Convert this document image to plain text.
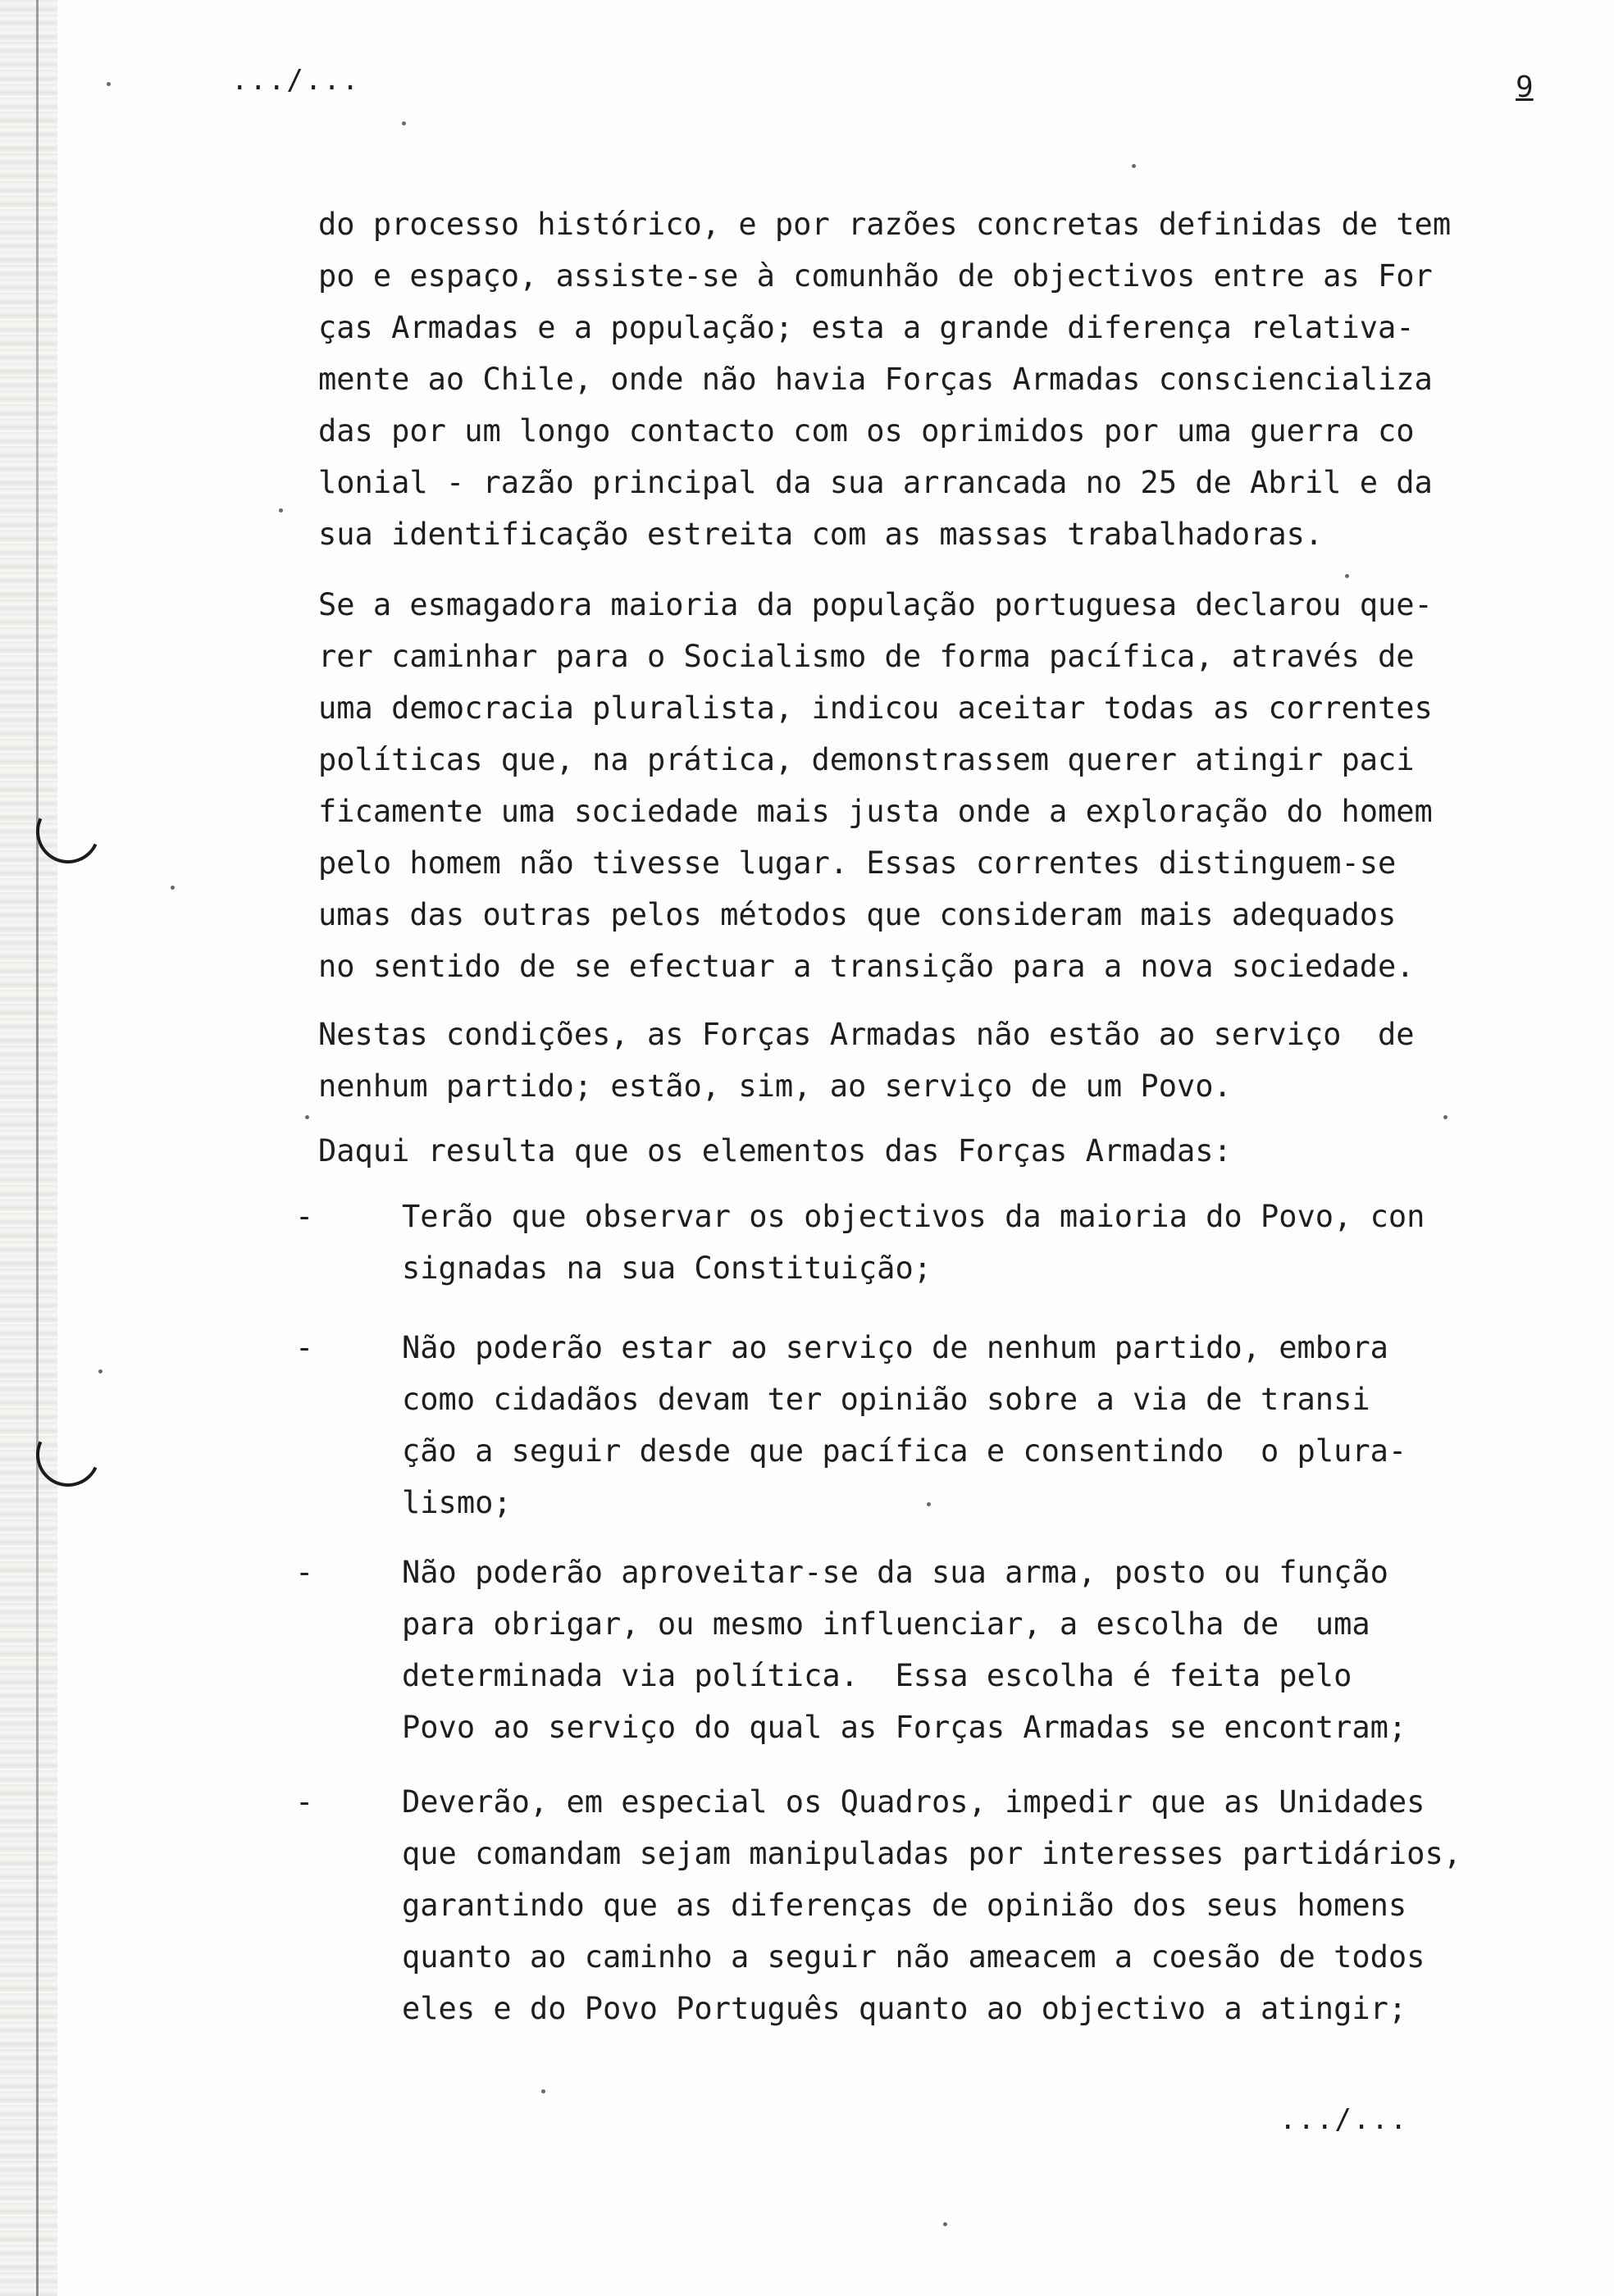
.../...	9
do processo histórico, e por razões concretas definidas de tem
po e espaço, assiste-se à comunhão de objectivos entre as For
ças Armadas e a população; esta a grande diferença relativa-
mente ao Chile, onde não havia Forças Armadas consciencializa
das por um longo contacto com os oprimidos por uma guerra co
lonial - razão principal da sua arrancada no 25 de Abril e da
sua identificação estreita com as massas trabalhadoras.
Se a esmagadora maioria da população portuguesa declarou que-
rer caminhar para o Socialismo de forma pacífica, através de
uma democracia pluralista, indicou aceitar todas as correntes
políticas que, na prática, demonstrassem querer atingir paci
ficamente uma sociedade mais justa onde a exploração do homem
pelo homem não tivesse lugar. Essas correntes distinguem-se
umas das outras pelos métodos que consideram mais adequados
no sentido de se efectuar a transição para a nova sociedade.
Nestas condições, as Forças Armadas não estão ao serviço  de
nenhum partido; estão, sim, ao serviço de um Povo.
Daqui resulta que os elementos das Forças Armadas:
-	Terão que observar os objectivos da maioria do Povo, con
signadas na sua Constituição;
-	Não poderão estar ao serviço de nenhum partido, embora
como cidadãos devam ter opinião sobre a via de transi
ção a seguir desde que pacífica e consentindo  o plura-
lismo;
-	Não poderão aproveitar-se da sua arma, posto ou função
para obrigar, ou mesmo influenciar, a escolha de  uma
determinada via política.  Essa escolha é feita pelo
Povo ao serviço do qual as Forças Armadas se encontram;
-	Deverão, em especial os Quadros, impedir que as Unidades
que comandam sejam manipuladas por interesses partidários,
garantindo que as diferenças de opinião dos seus homens
quanto ao caminho a seguir não ameacem a coesão de todos
eles e do Povo Português quanto ao objectivo a atingir;
.../...
